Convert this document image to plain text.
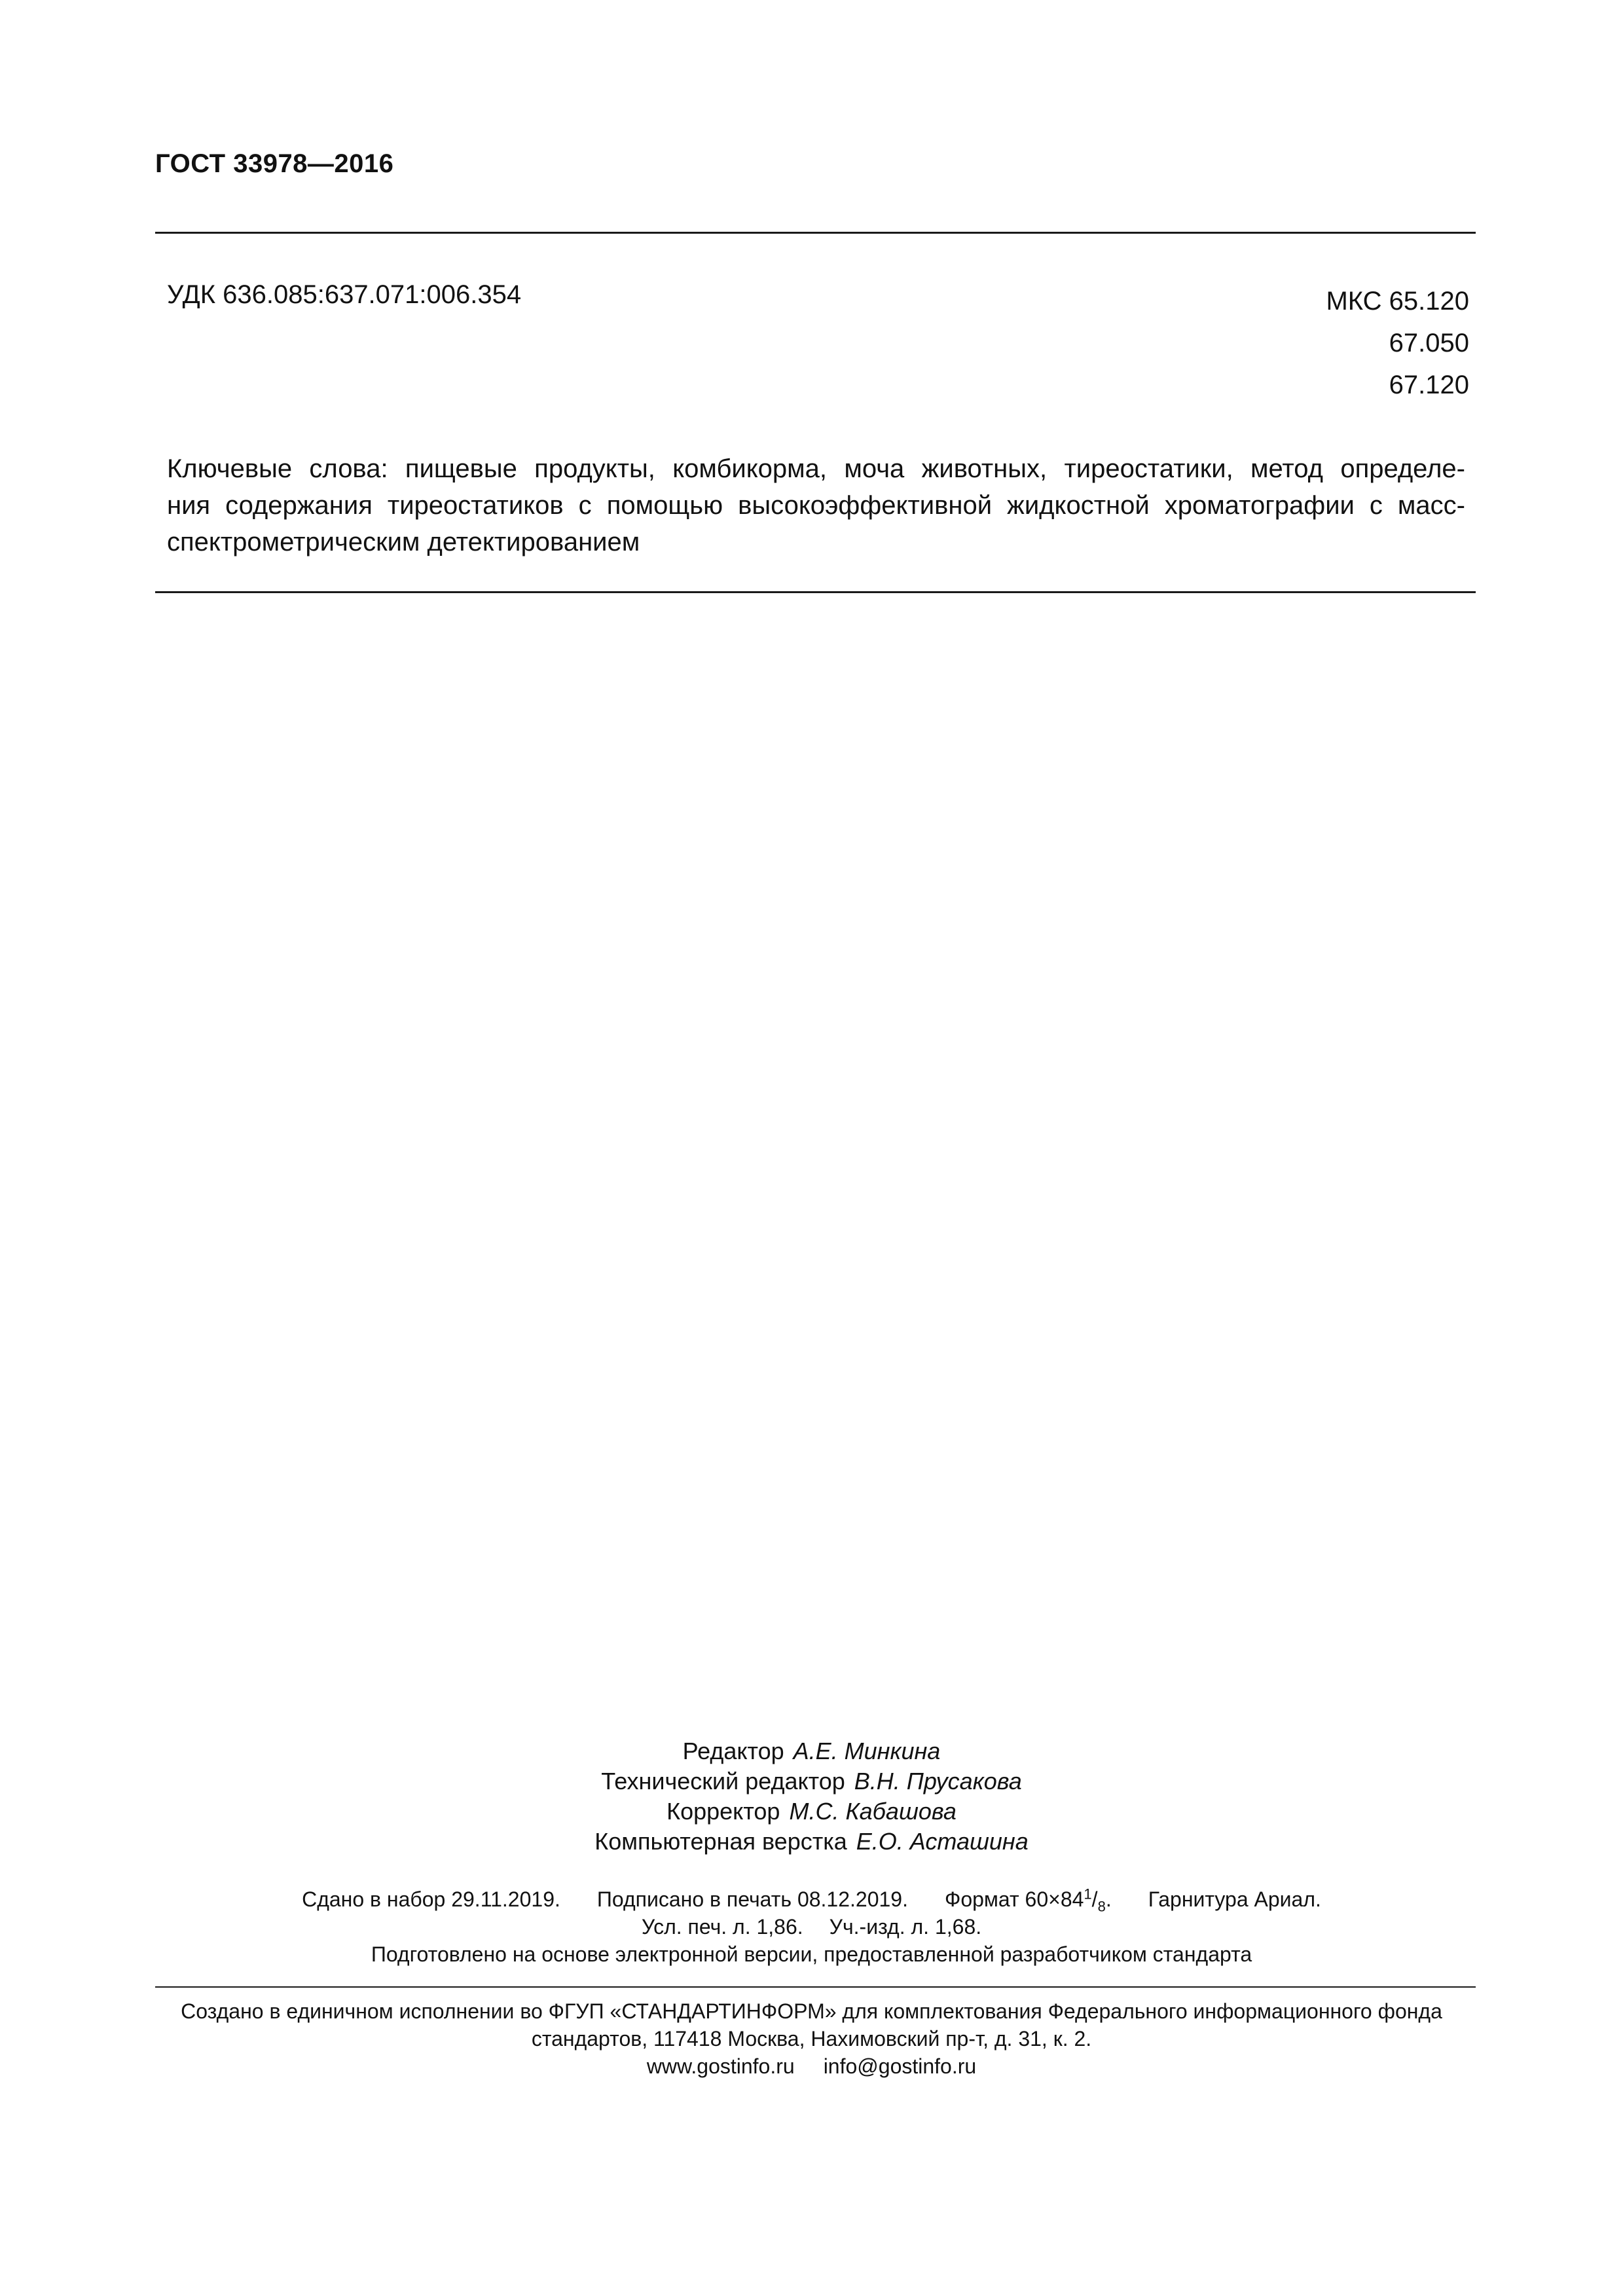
ГОСТ 33978—2016
УДК 636.085:637.071:006.354	МКС 65.120
67.050
67.120
Ключевые слова: пищевые продукты, комбикорма, моча животных, тиреостатики, метод определе-
ния содержания тиреостатиков с помощью высокоэффективной жидкостной хроматографии с масс-
спектрометрическим детектированием
Редактор А.Е. Минкина
Технический редактор В.Н. Прусакова
Корректор М.С. Кабашова
Компьютерная верстка Е.О. Асташина
Сдано в набор 29.11.2019. Подписано в печать 08.12.2019. Формат $60\times 84^1/_8$. Гарнитура Ариал.
Усл. печ. л. 1,86. Уч.-изд. л. 1,68.
Подготовлено на основе электронной версии, предоставленной разработчиком стандарта
Создано в единичном исполнении во ФГУП «СТАНДАРТИНФОРМ» для комплектования Федерального информационного фонда
стандартов, 117418 Москва, Нахимовский пр-т, д. 31, к. 2.
www.gostinfo.ru info@gostinfo.ru
